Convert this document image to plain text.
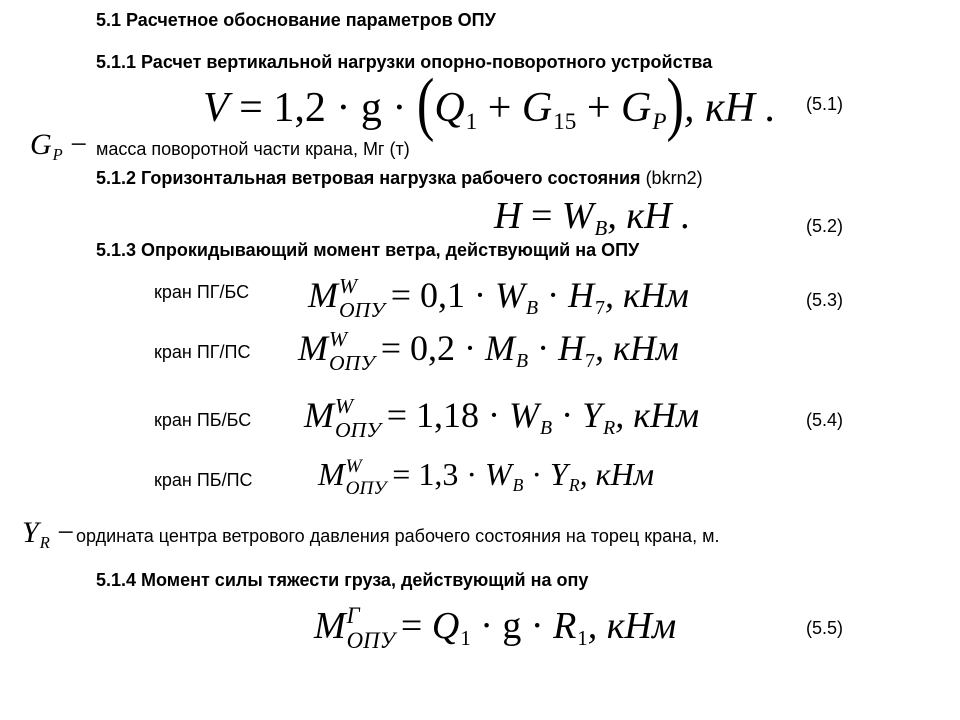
5.1 Расчетное обоснование параметров ОПУ
5.1.1 Расчет вертикальной нагрузки опорно-поворотного устройства
$V = 1,2 \cdot g \cdot (Q1 + G15 + G_P)$, кН . (5.1)
$G_P$ − масса поворотной части крана, Мг (т)
5.1.2 Горизонтальная ветровая нагрузка рабочего состояния (bkrn2)
$H = W_B$, кН .	(5.2)
5.1.3 Опрокидывающий момент ветра, действующий на ОПУ
кран ПГ/БС M W
ОПУ = $0,1 \cdot W_B \cdot H7$, кНм	(5.3)
кран ПГ/ПС M W
ОПУ = $0,2 \cdot M_B \cdot H7$, кНм
кран ПБ/БС M W
ОПУ = $1,18 \cdot W_B \cdot Y_R$, кНм	(5.4)
кран ПБ/ПС M W
ОПУ = $1,3 \cdot W_B \cdot Y_R$, кНм
$Y_R$ − ордината центра ветрового давления рабочего состояния на торец крана, м.
5.1.4 Момент силы тяжести груза, действующий на опу
M Г
ОПУ = Q1 · g · R1, кНм	(5.5)
